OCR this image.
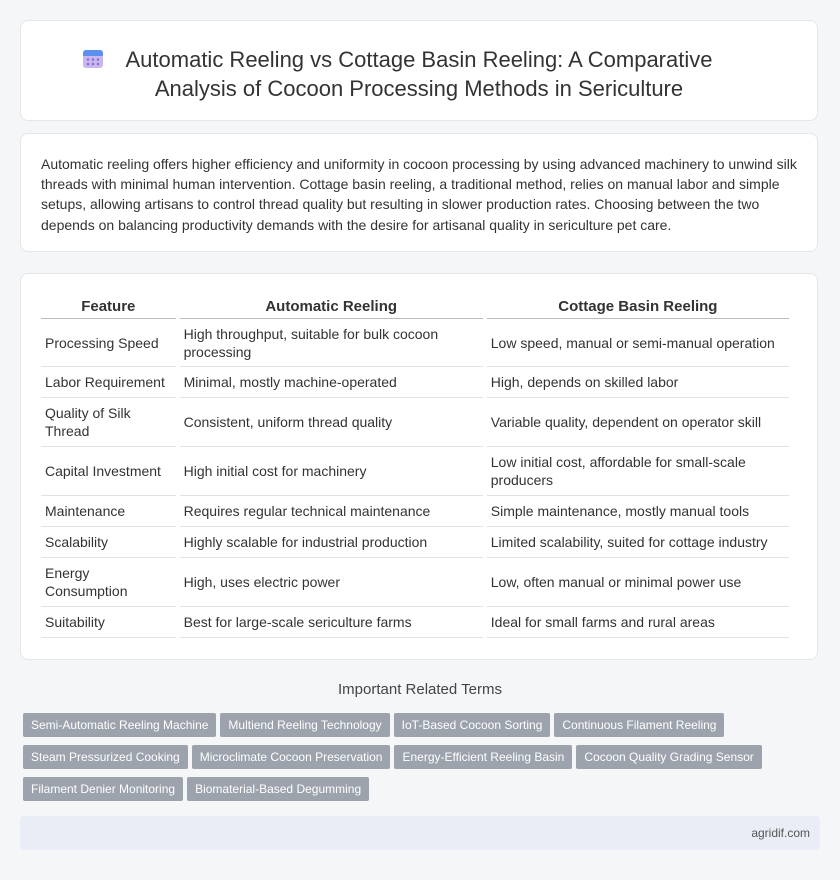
Automatic Reeling vs Cottage Basin Reeling: A Comparative Analysis of Cocoon Processing Methods in Sericulture

Automatic reeling offers higher efficiency and uniformity in cocoon processing by using advanced machinery to unwind silk threads with minimal human intervention. Cottage basin reeling, a traditional method, relies on manual labor and simple setups, allowing artisans to control thread quality but resulting in slower production rates. Choosing between the two depends on balancing productivity demands with the desire for artisanal quality in sericulture pet care.

Feature	Automatic Reeling	Cottage Basin Reeling
Processing Speed	High throughput, suitable for bulk cocoon processing	Low speed, manual or semi-manual operation
Labor Requirement	Minimal, mostly machine-operated	High, depends on skilled labor
Quality of Silk Thread	Consistent, uniform thread quality	Variable quality, dependent on operator skill
Capital Investment	High initial cost for machinery	Low initial cost, affordable for small-scale producers
Maintenance	Requires regular technical maintenance	Simple maintenance, mostly manual tools
Scalability	Highly scalable for industrial production	Limited scalability, suited for cottage industry
Energy Consumption	High, uses electric power	Low, often manual or minimal power use
Suitability	Best for large-scale sericulture farms	Ideal for small farms and rural areas
Important Related Terms
Semi-Automatic Reeling Machine Multiend Reeling Technology IoT-Based Cocoon Sorting Continuous Filament ReelingSteam Pressurized Cooking Microclimate Cocoon Preservation Energy-Efficient Reeling Basin Cocoon Quality Grading SensorFilament Denier Monitoring Biomaterial-Based Degumming
agridif.com
